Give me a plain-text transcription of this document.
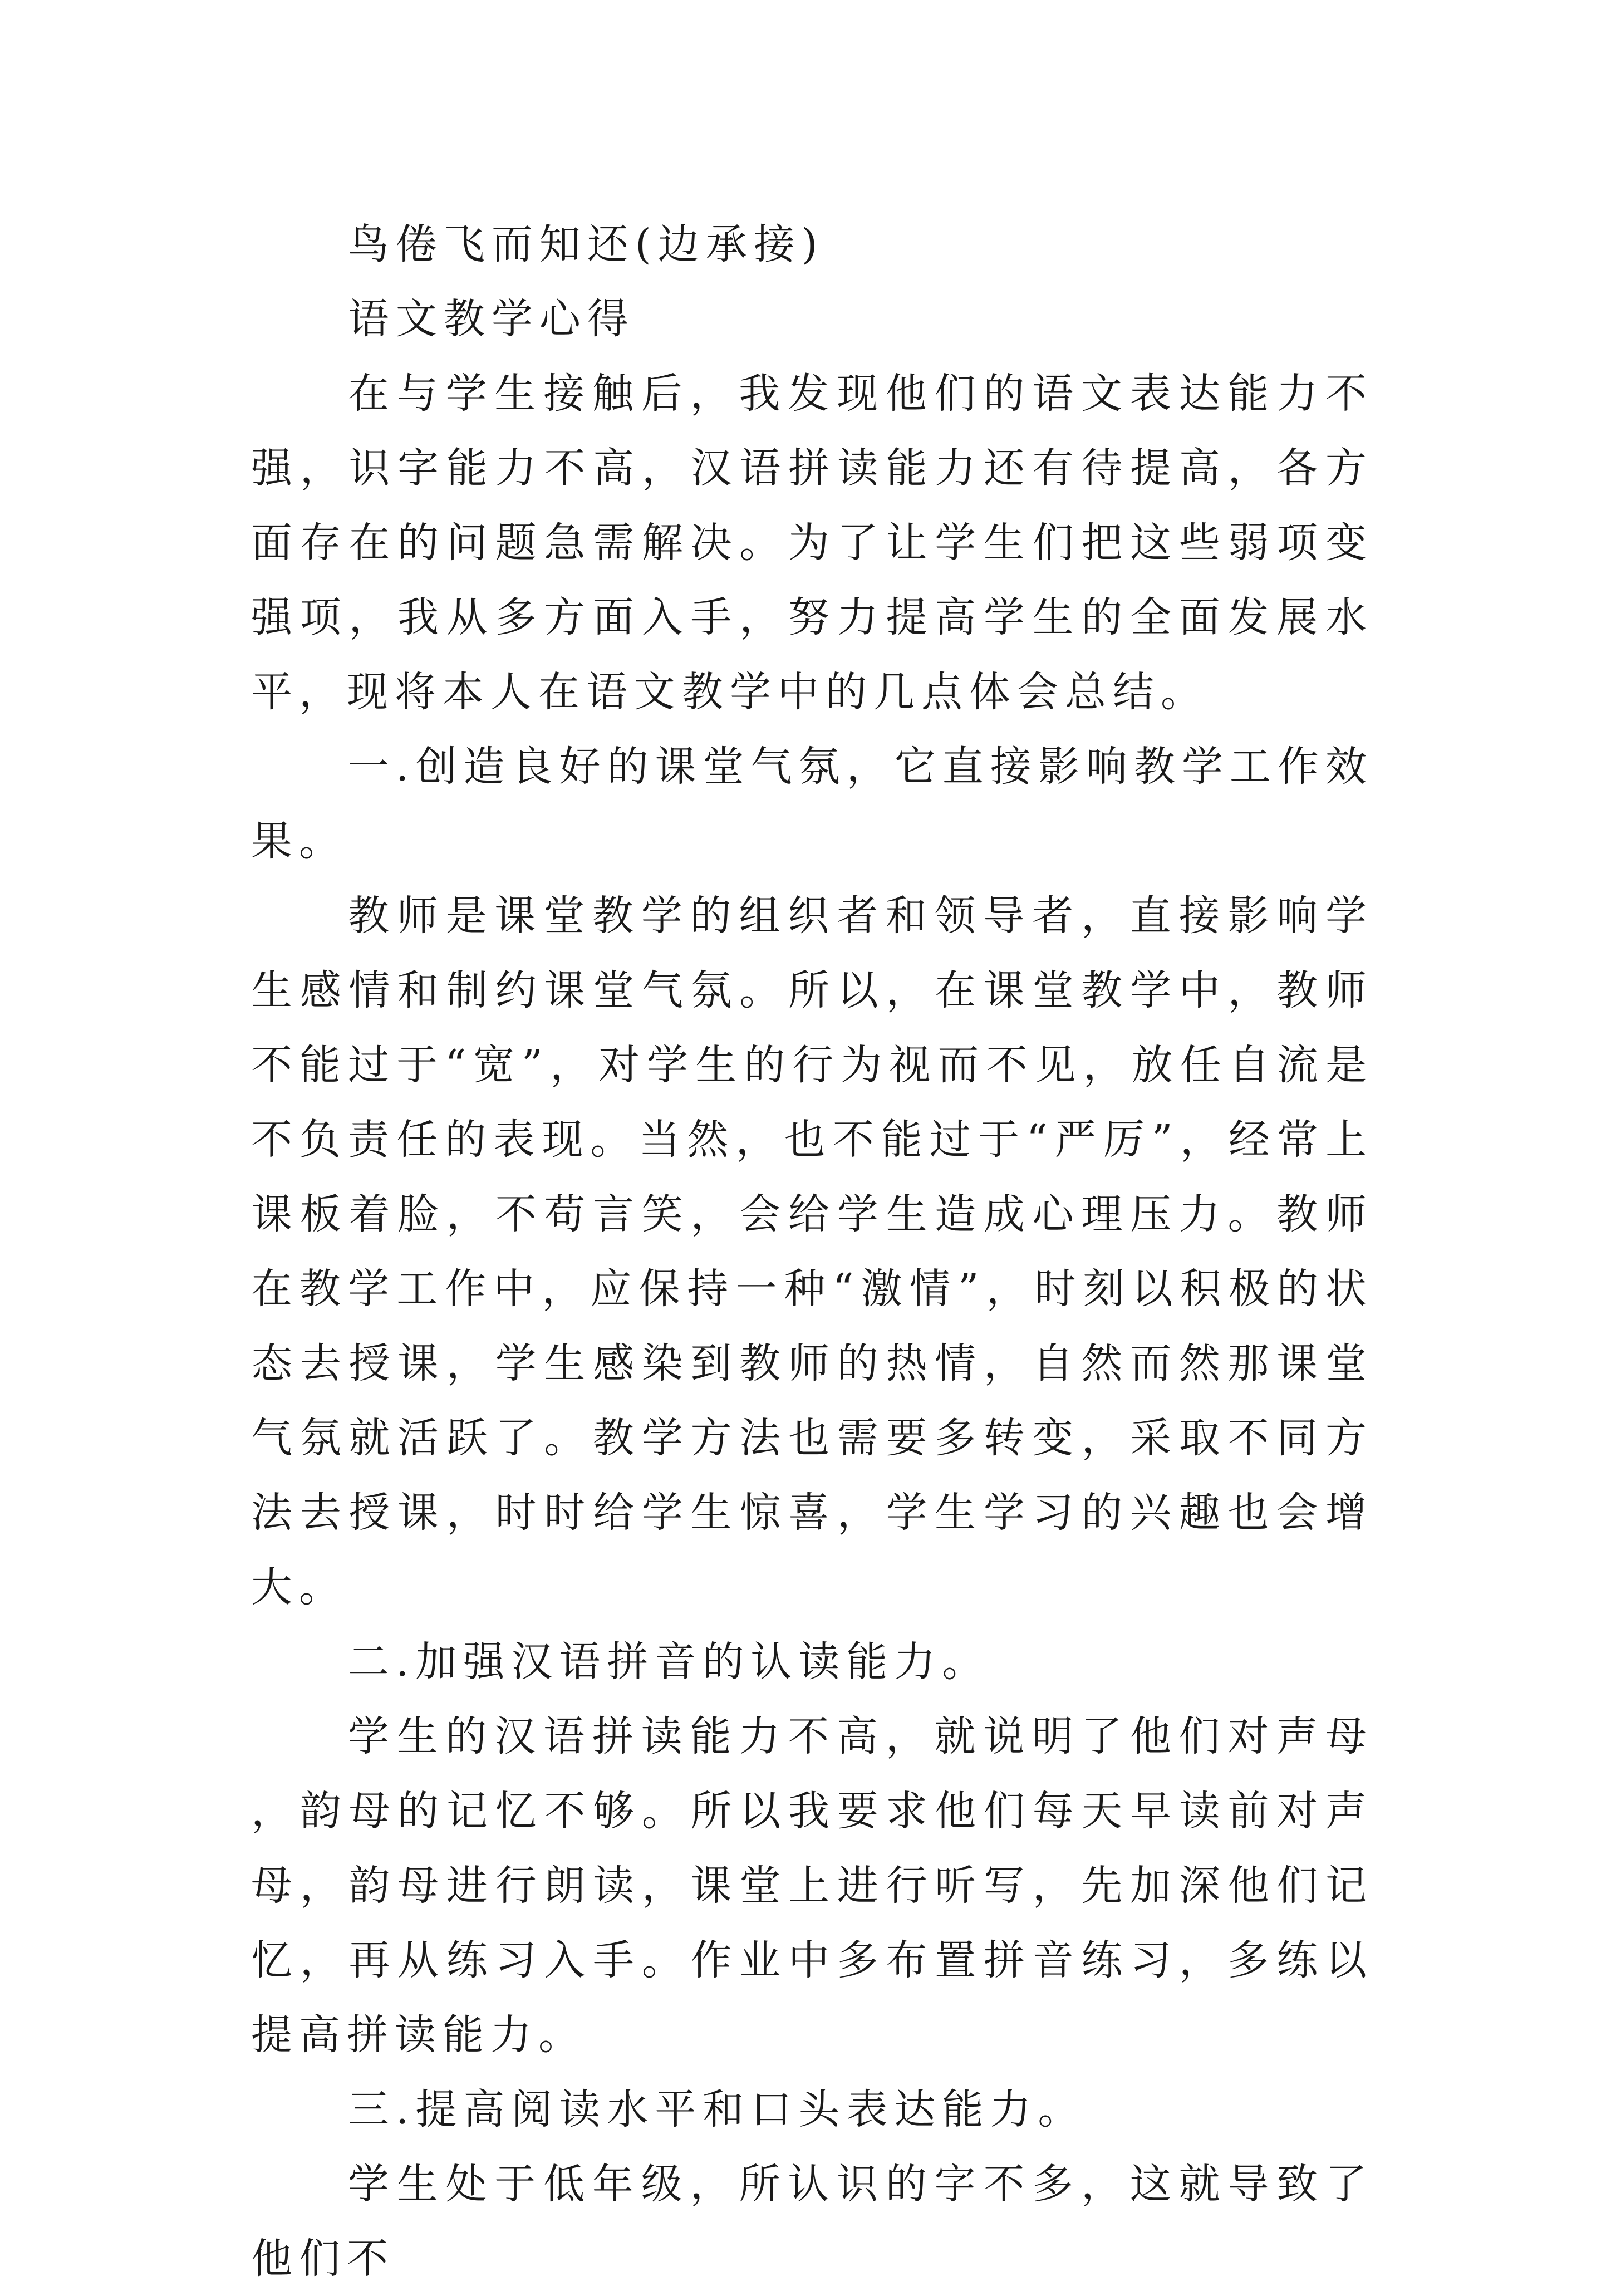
鸟倦飞而知还(边承接)

语文教学心得

在与学生接触后，我发现他们的语文表达能力不强，识字能力不高，汉语拼读能力还有待提高，各方面存在的问题急需解决。为了让学生们把这些弱项变强项，我从多方面入手，努力提高学生的全面发展水平，现将本人在语文教学中的几点体会总结。

一.创造良好的课堂气氛，它直接影响教学工作效果。

教师是课堂教学的组织者和领导者，直接影响学生感情和制约课堂气氛。所以，在课堂教学中，教师不能过于“宽”，对学生的行为视而不见，放任自流是不负责任的表现。当然，也不能过于“严厉”，经常上课板着脸，不苟言笑，会给学生造成心理压力。教师在教学工作中，应保持一种“激情”，时刻以积极的状态去授课，学生感染到教师的热情，自然而然那课堂气氛就活跃了。教学方法也需要多转变，采取不同方法去授课，时时给学生惊喜，学生学习的兴趣也会增大。

二.加强汉语拼音的认读能力。

学生的汉语拼读能力不高，就说明了他们对声母，韵母的记忆不够。所以我要求他们每天早读前对声母，韵母进行朗读，课堂上进行听写，先加深他们记忆，再从练习入手。作业中多布置拼音练习，多练以提高拼读能力。

三.提高阅读水平和口头表达能力。

学生处于低年级，所认识的字不多，这就导致了他们不
